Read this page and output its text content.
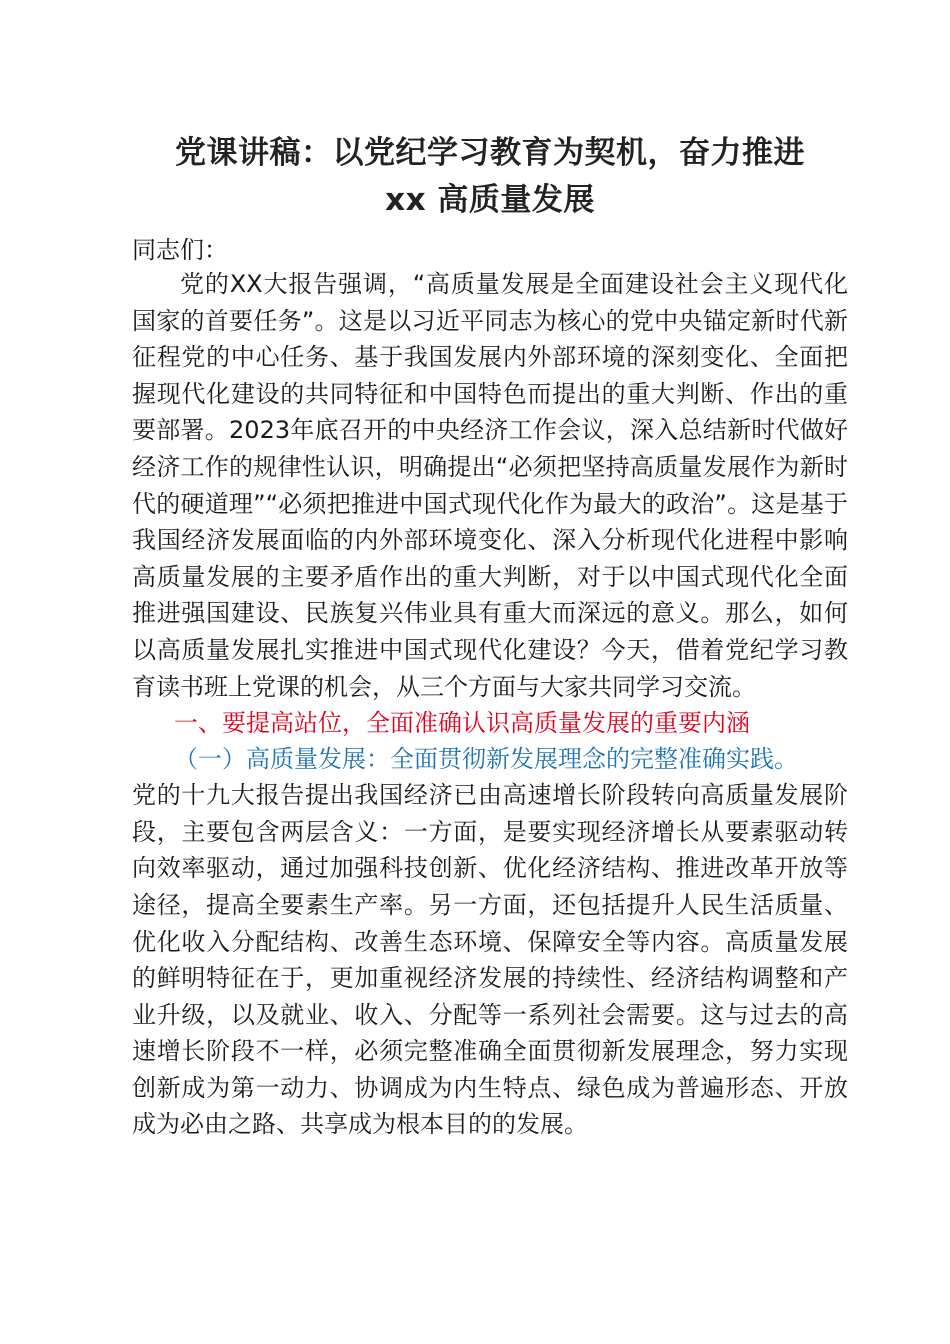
党课讲稿：以党纪学习教育为契机，奋力推进
xx 高质量发展

同志们：

党的XX大报告强调，“高质量发展是全面建设社会主义现代化国家的首要任务”。这是以习近平同志为核心的党中央锚定新时代新征程党的中心任务、基于我国发展内外部环境的深刻变化、全面把握现代化建设的共同特征和中国特色而提出的重大判断、作出的重要部署。2023年底召开的中央经济工作会议，深入总结新时代做好经济工作的规律性认识，明确提出“必须把坚持高质量发展作为新时代的硬道理”“必须把推进中国式现代化作为最大的政治”。这是基于我国经济发展面临的内外部环境变化、深入分析现代化进程中影响高质量发展的主要矛盾作出的重大判断，对于以中国式现代化全面推进强国建设、民族复兴伟业具有重大而深远的意义。那么，如何以高质量发展扎实推进中国式现代化建设？今天，借着党纪学习教育读书班上党课的机会，从三个方面与大家共同学习交流。

一、要提高站位，全面准确认识高质量发展的重要内涵

（一）高质量发展：全面贯彻新发展理念的完整准确实践。

党的十九大报告提出我国经济已由高速增长阶段转向高质量发展阶段，主要包含两层含义：一方面，是要实现经济增长从要素驱动转向效率驱动，通过加强科技创新、优化经济结构、推进改革开放等途径，提高全要素生产率。另一方面，还包括提升人民生活质量、优化收入分配结构、改善生态环境、保障安全等内容。高质量发展的鲜明特征在于，更加重视经济发展的持续性、经济结构调整和产业升级，以及就业、收入、分配等一系列社会需要。这与过去的高速增长阶段不一样，必须完整准确全面贯彻新发展理念，努力实现创新成为第一动力、协调成为内生特点、绿色成为普遍形态、开放成为必由之路、共享成为根本目的的发展。
